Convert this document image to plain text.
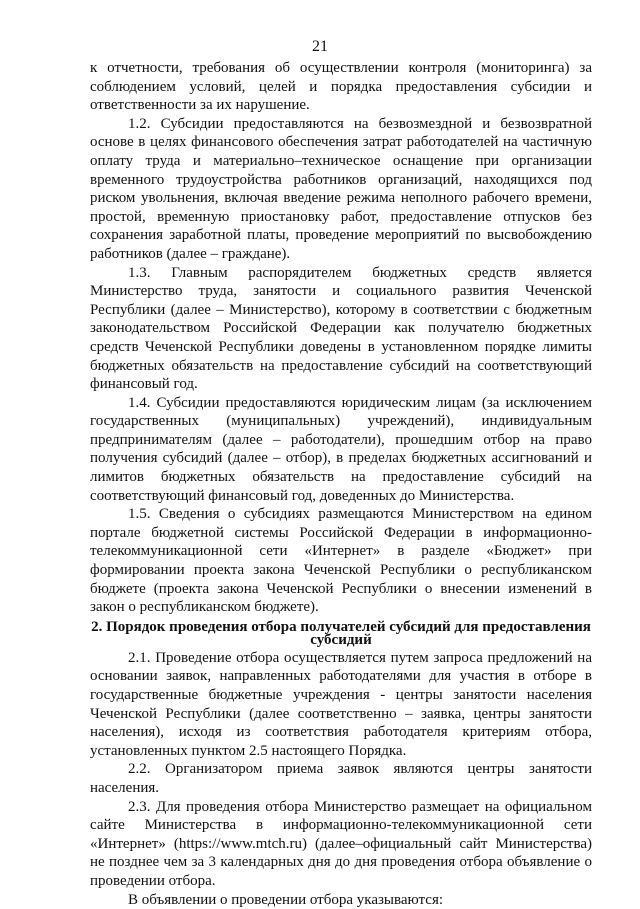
21

к отчетности, требования об осуществлении контроля (мониторинга) за соблюдением условий, целей и порядка предоставления субсидии и ответственности за их нарушение.

1.2. Субсидии предоставляются на безвозмездной и безвозвратной основе в целях финансового обеспечения затрат работодателей на частичную оплату труда и материально–техническое оснащение при организации временного трудоустройства работников организаций, находящихся под риском увольнения, включая введение режима неполного рабочего времени, простой, временную приостановку работ, предоставление отпусков без сохранения заработной платы, проведение мероприятий по высвобождению работников (далее – граждане).

1.3. Главным распорядителем бюджетных средств является Министерство труда, занятости и социального развития Чеченской Республики (далее – Министерство), которому в соответствии с бюджетным законодательством Российской Федерации как получателю бюджетных средств Чеченской Республики доведены в установленном порядке лимиты бюджетных обязательств на предоставление субсидий на соответствующий финансовый год.

1.4. Субсидии предоставляются юридическим лицам (за исключением государственных (муниципальных) учреждений), индивидуальным предпринимателям (далее – работодатели), прошедшим отбор на право получения субсидий (далее – отбор), в пределах бюджетных ассигнований и лимитов бюджетных обязательств на предоставление субсидий на соответствующий финансовый год, доведенных до Министерства.

1.5. Сведения о субсидиях размещаются Министерством на едином портале бюджетной системы Российской Федерации в информационно-телекоммуникационной сети «Интернет» в разделе «Бюджет» при формировании проекта закона Чеченской Республики о республиканском бюджете (проекта закона Чеченской Республики о внесении изменений в закон о республиканском бюджете).

2. Порядок проведения отбора получателей субсидий для предоставления субсидий

2.1. Проведение отбора осуществляется путем запроса предложений на основании заявок, направленных работодателями для участия в отборе в государственные бюджетные учреждения - центры занятости населения Чеченской Республики (далее соответственно – заявка, центры занятости населения), исходя из соответствия работодателя критериям отбора, установленных пунктом 2.5 настоящего Порядка.

2.2. Организатором приема заявок являются центры занятости населения.

2.3. Для проведения отбора Министерство размещает на официальном сайте Министерства в информационно-телекоммуникационной сети «Интернет» (https://www.mtch.ru) (далее–официальный сайт Министерства) не позднее чем за 3 календарных дня до дня проведения отбора объявление о проведении отбора.

В объявлении о проведении отбора указываются:
